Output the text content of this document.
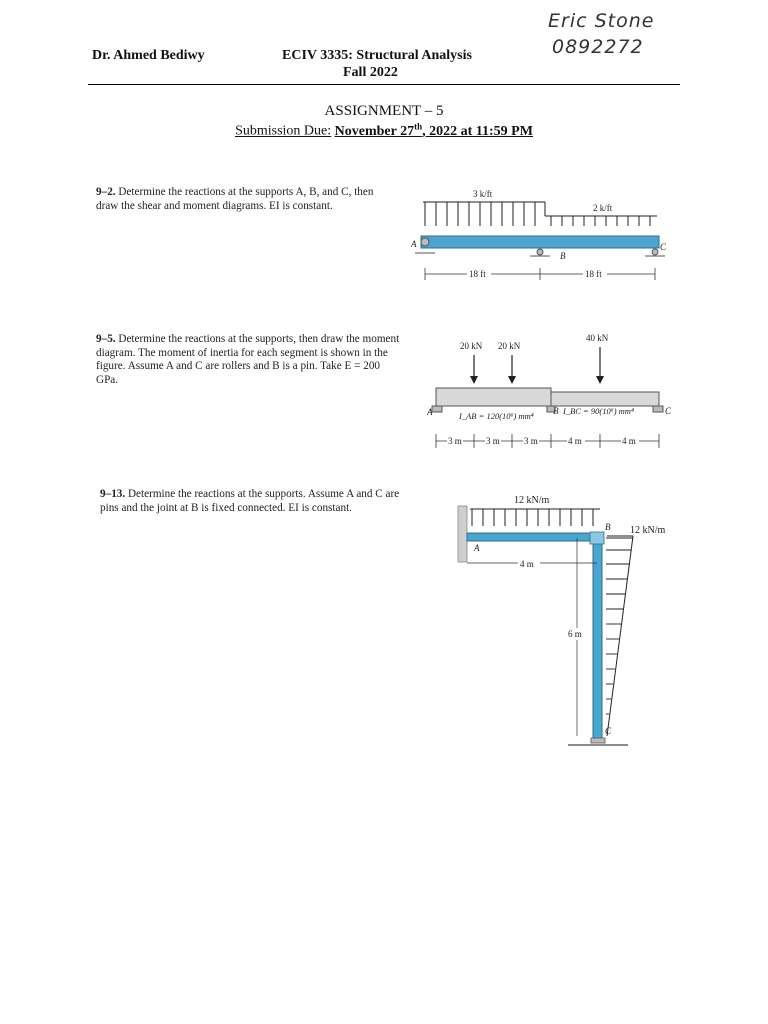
Eric Stone
0892272
Dr. Ahmed Bediwy	ECIV 3335: Structural Analysis
Fall 2022
ASSIGNMENT – 5
Submission Due: November 27th, 2022 at 11:59 PM
9–2. Determine the reactions at the supports A, B, and C, then draw the shear and moment diagrams. EI is constant.
3 k/ft
2 k/ft
A
B
C
18 ft	18 ft
9–5. Determine the reactions at the supports, then draw the moment diagram. The moment of inertia for each segment is shown in the figure. Assume A and C are rollers and B is a pin. Take E = 200 GPa.
20 kN 20 kN
40 kN
A	B	C
I_AB = 120(10⁶) mm⁴	I_BC = 90(10⁶) mm⁴
3 m	3 m	3 m	4 m	4 m
9–13. Determine the reactions at the supports. Assume A and C are pins and the joint at B is fixed connected. EI is constant.
12 kN/m
A
B
C
12 kN/m
4 m
6 m
